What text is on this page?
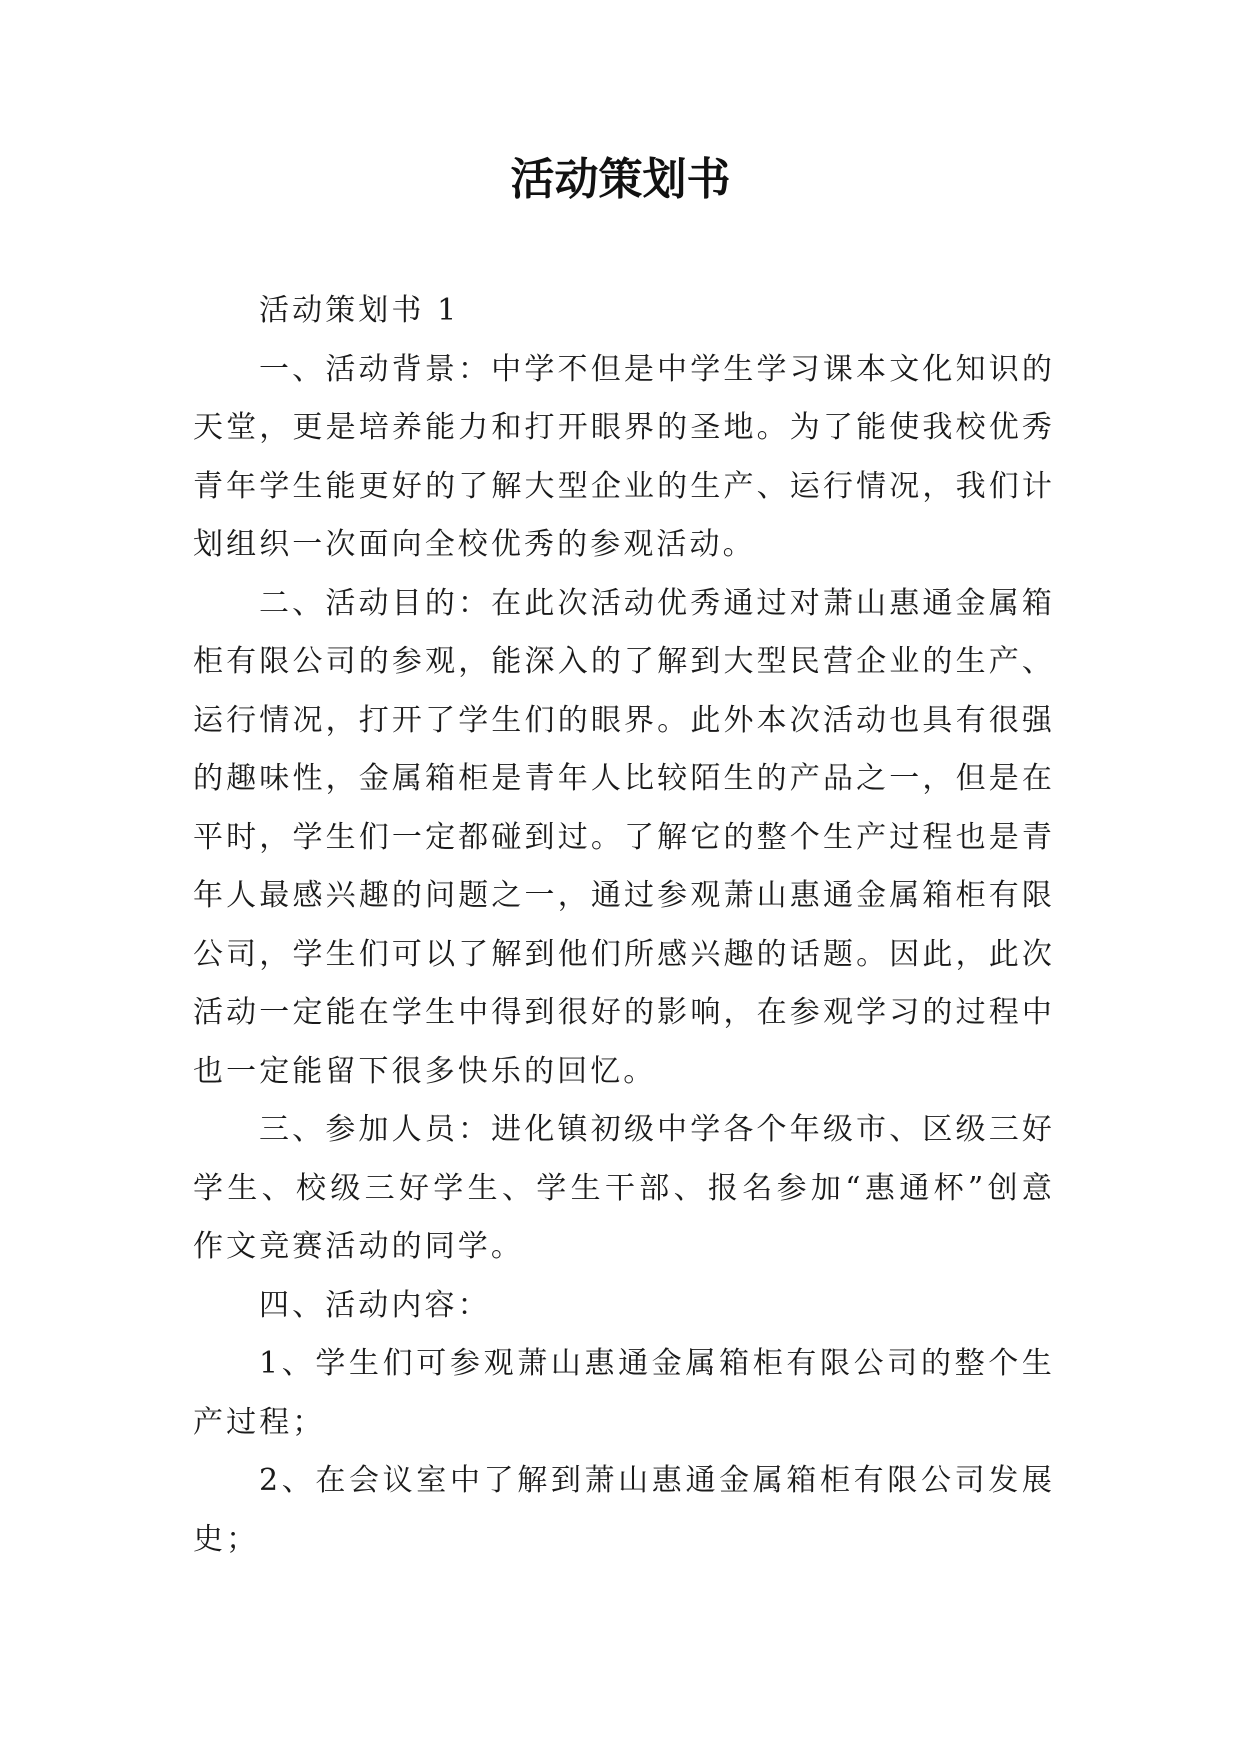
活动策划书

活动策划书 1

一、活动背景：中学不但是中学生学习课本文化知识的天堂，更是培养能力和打开眼界的圣地。为了能使我校优秀青年学生能更好的了解大型企业的生产、运行情况，我们计划组织一次面向全校优秀的参观活动。

二、活动目的：在此次活动优秀通过对萧山惠通金属箱柜有限公司的参观，能深入的了解到大型民营企业的生产、运行情况，打开了学生们的眼界。此外本次活动也具有很强的趣味性，金属箱柜是青年人比较陌生的产品之一，但是在平时，学生们一定都碰到过。了解它的整个生产过程也是青年人最感兴趣的问题之一，通过参观萧山惠通金属箱柜有限公司，学生们可以了解到他们所感兴趣的话题。因此，此次活动一定能在学生中得到很好的影响，在参观学习的过程中也一定能留下很多快乐的回忆。

三、参加人员：进化镇初级中学各个年级市、区级三好学生、校级三好学生、学生干部、报名参加“惠通杯”创意作文竞赛活动的同学。

四、活动内容：

1、学生们可参观萧山惠通金属箱柜有限公司的整个生产过程；

2、在会议室中了解到萧山惠通金属箱柜有限公司发展史；
